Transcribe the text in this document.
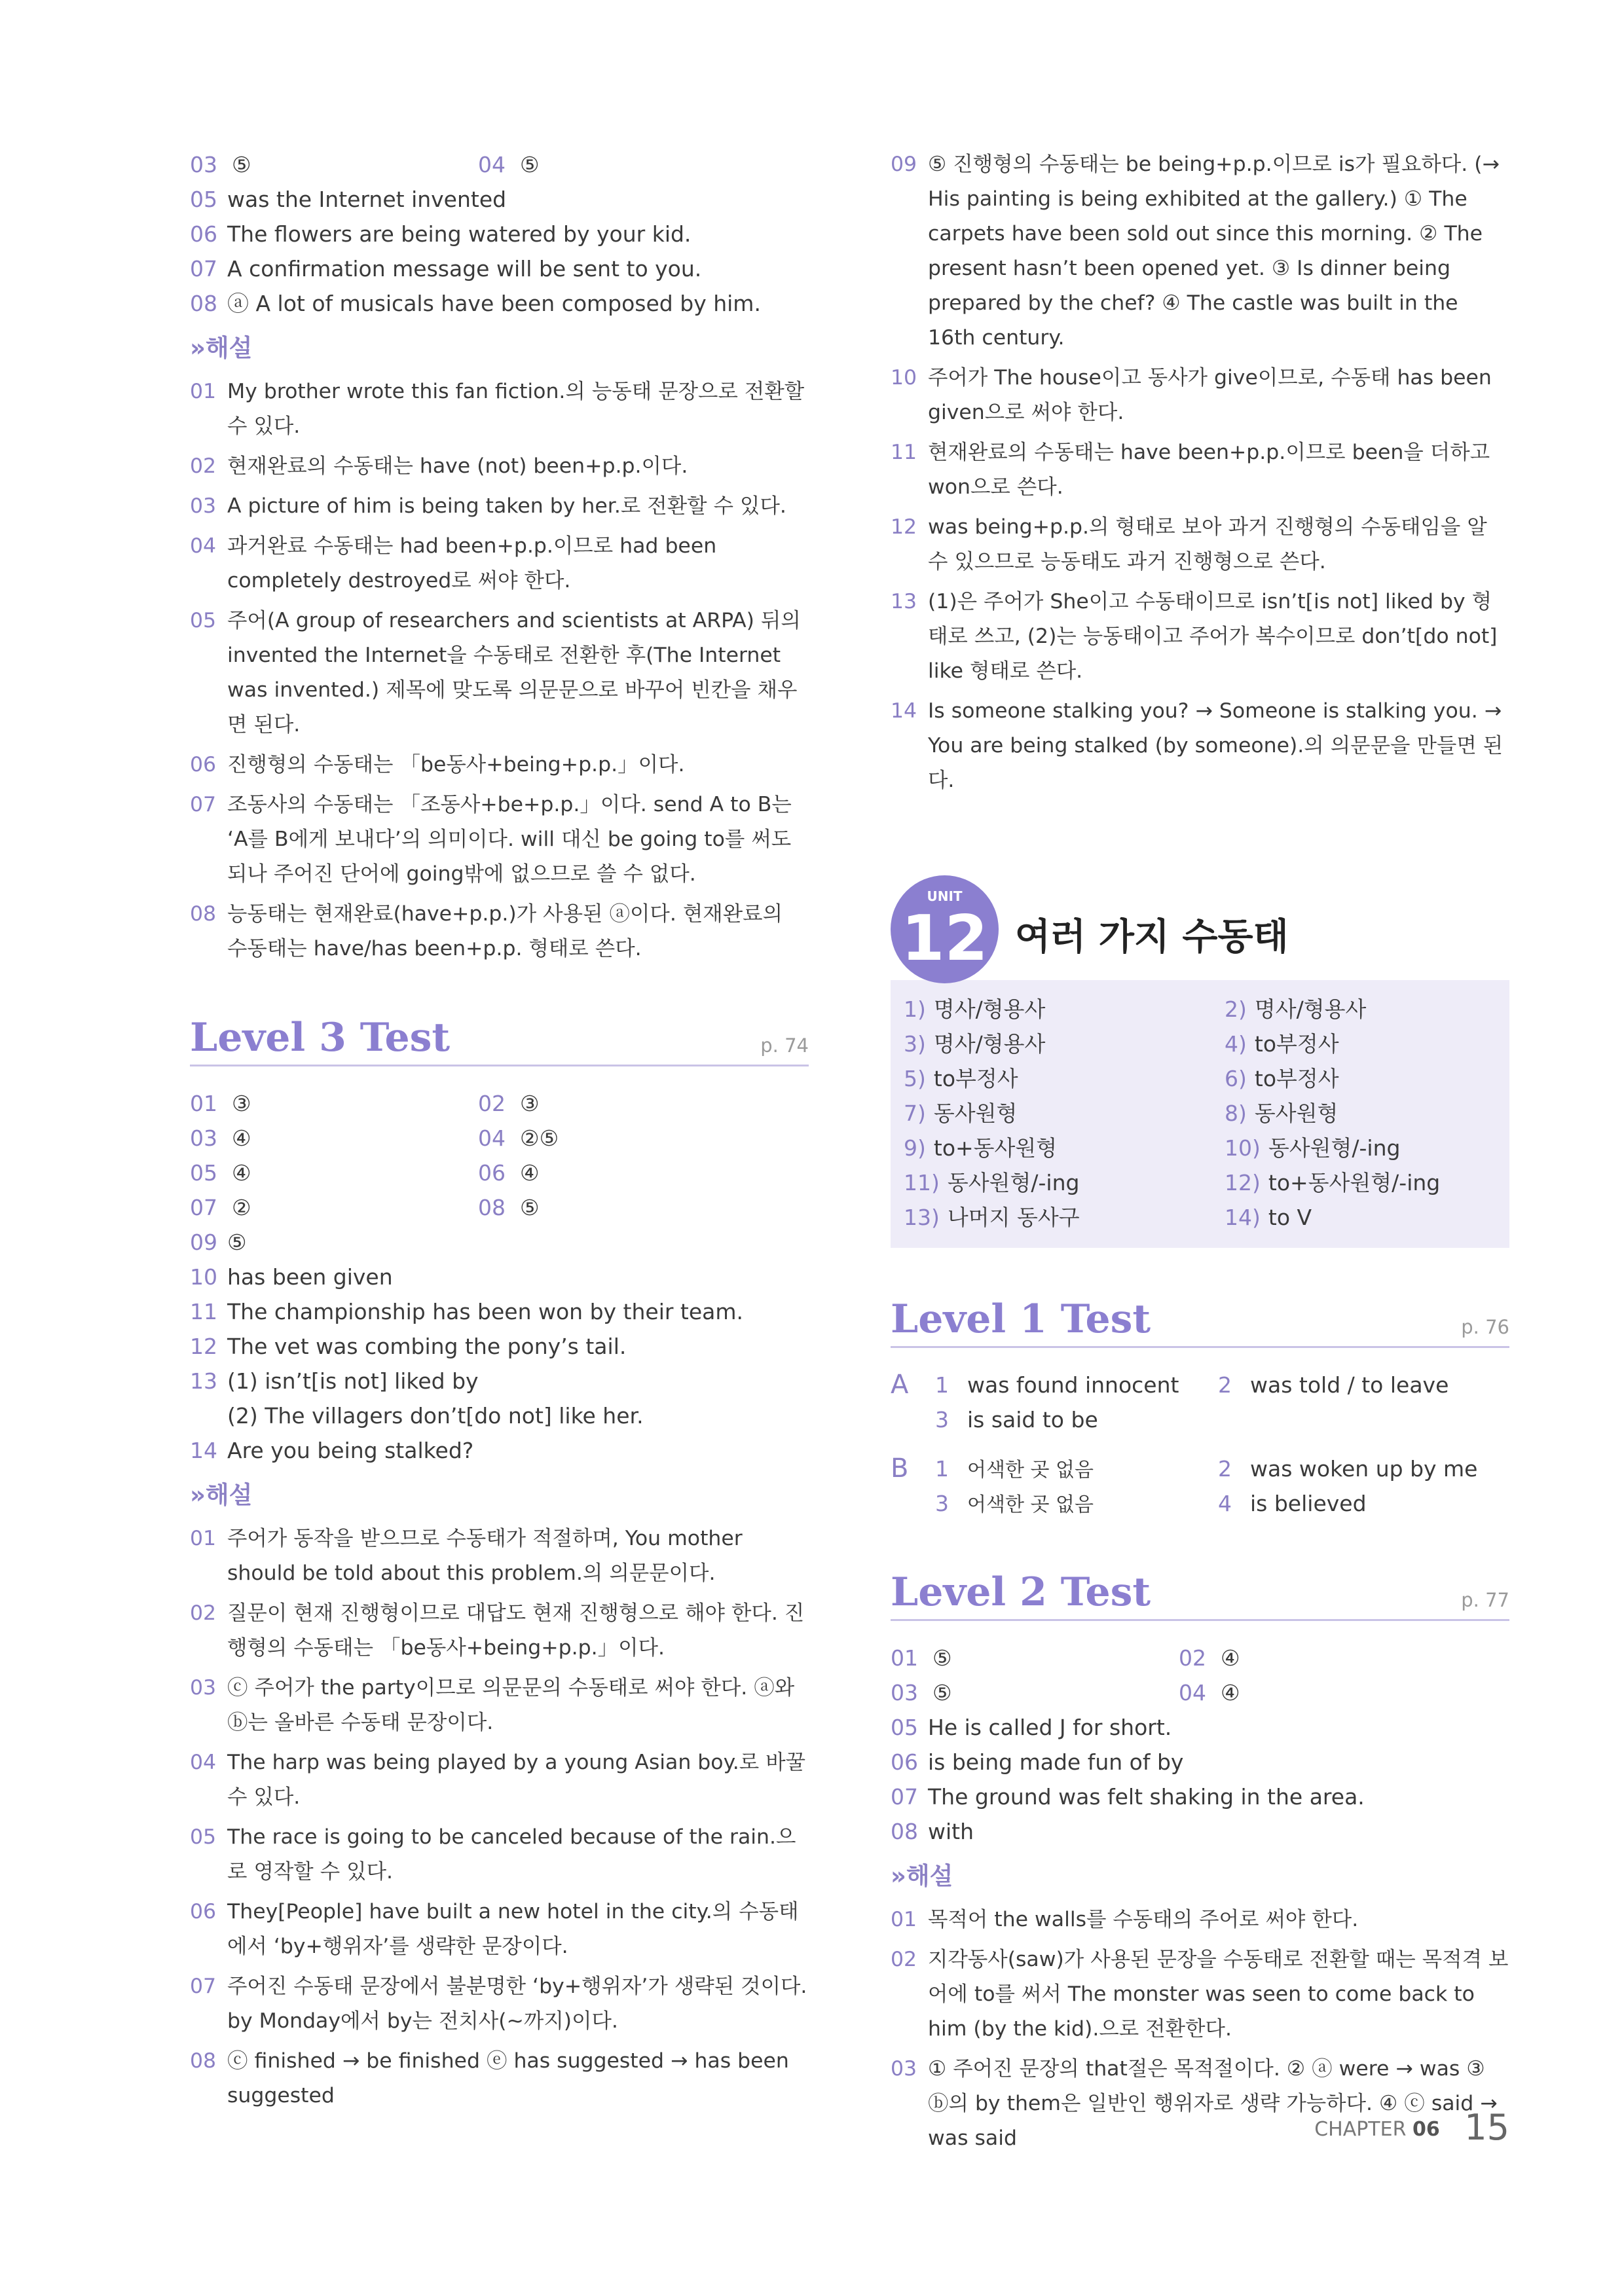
03 ⑤	04 ⑤
05 was the Internet invented
06 The flowers are being watered by your kid.
07 A confirmation message will be sent to you.
08 ⓐ A lot of musicals have been composed by him.
»해설
01 My brother wrote this fan fiction.의 능동태 문장으로 전환할 수 있다.
02 현재완료의 수동태는 have (not) been+p.p.이다.
03 A picture of him is being taken by her.로 전환할 수 있다.
04 과거완료 수동태는 had been+p.p.이므로 had been completely destroyed로 써야 한다.
05 주어(A group of researchers and scientists at ARPA) 뒤의 invented the Internet을 수동태로 전환한 후(The Internet was invented.) 제목에 맞도록 의문문으로 바꾸어 빈칸을 채우면 된다.
06 진행형의 수동태는 「be동사+being+p.p.」이다.
07 조동사의 수동태는 「조동사+be+p.p.」이다. send A to B는 ‘A를 B에게 보내다’의 의미이다. will 대신 be going to를 써도 되나 주어진 단어에 going밖에 없으므로 쓸 수 없다.
08 능동태는 현재완료(have+p.p.)가 사용된 ⓐ이다. 현재완료의 수동태는 have/has been+p.p. 형태로 쓴다.
Level 3 Test	p. 74
01 ③	02 ③
03 ④	04 ②⑤
05 ④	06 ④
07 ②	08 ⑤
09 ⑤
10 has been given
11 The championship has been won by their team.
12 The vet was combing the pony’s tail.
13 (1) isn’t[is not] liked by
(2) The villagers don’t[do not] like her.
14 Are you being stalked?
»해설
01 주어가 동작을 받으므로 수동태가 적절하며, You mother should be told about this problem.의 의문문이다.
02 질문이 현재 진행형이므로 대답도 현재 진행형으로 해야 한다. 진행형의 수동태는 「be동사+being+p.p.」이다.
03 ⓒ 주어가 the party이므로 의문문의 수동태로 써야 한다. ⓐ와 ⓑ는 올바른 수동태 문장이다.
04 The harp was being played by a young Asian boy.로 바꿀 수 있다.
05 The race is going to be canceled because of the rain.으로 영작할 수 있다.
06 They[People] have built a new hotel in the city.의 수동태에서 ‘by+행위자’를 생략한 문장이다.
07 주어진 수동태 문장에서 불분명한 ‘by+행위자’가 생략된 것이다. by Monday에서 by는 전치사(~까지)이다.
08 ⓒ finished → be finished ⓔ has suggested → has been suggested
09 ⑤ 진행형의 수동태는 be being+p.p.이므로 is가 필요하다. (→ His painting is being exhibited at the gallery.) ① The carpets have been sold out since this morning. ② The present hasn’t been opened yet. ③ Is dinner being prepared by the chef? ④ The castle was built in the 16th century.
10 주어가 The house이고 동사가 give이므로, 수동태 has been given으로 써야 한다.
11 현재완료의 수동태는 have been+p.p.이므로 been을 더하고 won으로 쓴다.
12 was being+p.p.의 형태로 보아 과거 진행형의 수동태임을 알 수 있으므로 능동태도 과거 진행형으로 쓴다.
13 (1)은 주어가 She이고 수동태이므로 isn’t[is not] liked by 형태로 쓰고, (2)는 능동태이고 주어가 복수이므로 don’t[do not] like 형태로 쓴다.
14 Is someone stalking you? → Someone is stalking you. → You are being stalked (by someone).의 의문문을 만들면 된다.
UNIT
12 여러 가지 수동태
1) 명사/형용사	2) 명사/형용사
3) 명사/형용사	4) to부정사
5) to부정사	6) to부정사
7) 동사원형	8) 동사원형
9) to+동사원형	10) 동사원형/-ing
11) 동사원형/-ing	12) to+동사원형/-ing
13) 나머지 동사구	14) to V
Level 1 Test	p. 76
A 1 was found innocent 2 was told / to leave
3 is said to be
B 1 어색한 곳 없음	2 was woken up by me
3 어색한 곳 없음	4 is believed
Level 2 Test	p. 77
01 ⑤	02 ④
03 ⑤	04 ④
05 He is called J for short.
06 is being made fun of by
07 The ground was felt shaking in the area.
08 with
»해설
01 목적어 the walls를 수동태의 주어로 써야 한다.
02 지각동사(saw)가 사용된 문장을 수동태로 전환할 때는 목적격 보어에 to를 써서 The monster was seen to come back to him (by the kid).으로 전환한다.
03 ① 주어진 문장의 that절은 목적절이다. ② ⓐ were → was ③ ⓑ의 by them은 일반인 행위자로 생략 가능하다. ④ ⓒ said → was said	CHAPTER 06 15
